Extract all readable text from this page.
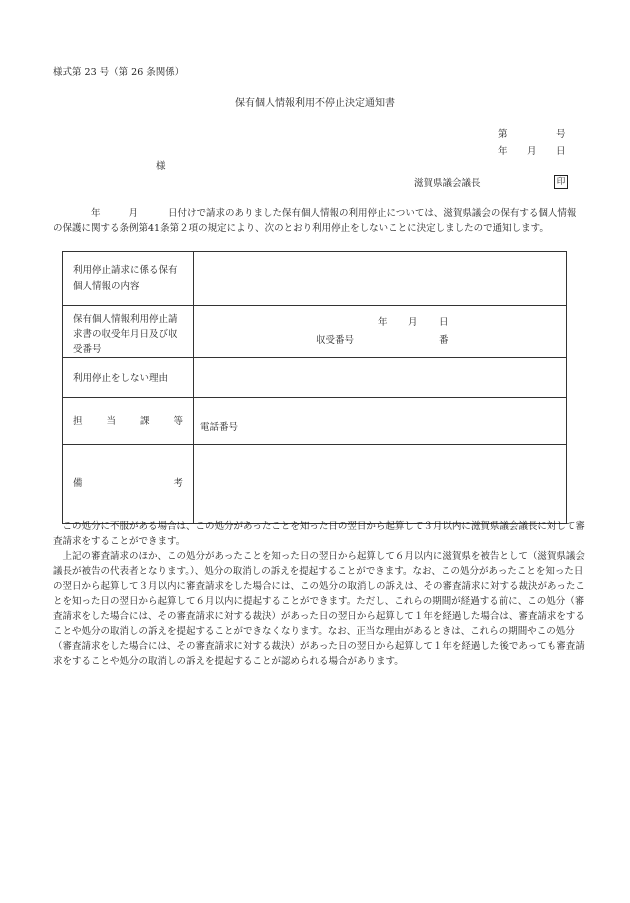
様式第 23 号（第 26 条関係）
保有個人情報利用不停止決定通知書
第	号
年 月 日
様
滋賀県議会議長	印
年	月	日付けで請求のありました保有個人情報の利用停止については、滋賀県議会の保有する個人情報の保護に関する条例第41条第２項の規定により、次のとおり利用停止をしないことに決定しましたので通知します。
利用停止請求に係る保有個人情報の内容	
保有個人情報利用停止請求書の収受年月日及び収受番号	年 月 日
収受番号 番

利用停止をしない理由	

担 当 課 等	電話番号

備 考	

この処分に不服がある場合は、この処分があったことを知った日の翌日から起算して３月以内に滋賀県議会議長に対して審査請求をすることができます。

上記の審査請求のほか、この処分があったことを知った日の翌日から起算して６月以内に滋賀県を被告として（滋賀県議会議長が被告の代表者となります。）、処分の取消しの訴えを提起することができます。なお、この処分があったことを知った日の翌日から起算して３月以内に審査請求をした場合には、この処分の取消しの訴えは、その審査請求に対する裁決があったことを知った日の翌日から起算して６月以内に提起することができます。ただし、これらの期間が経過する前に、この処分（審査請求をした場合には、その審査請求に対する裁決）があった日の翌日から起算して１年を経過した場合は、審査請求をすることや処分の取消しの訴えを提起することができなくなります。なお、正当な理由があるときは、これらの期間やこの処分（審査請求をした場合には、その審査請求に対する裁決）があった日の翌日から起算して１年を経過した後であっても審査請求をすることや処分の取消しの訴えを提起することが認められる場合があります。
